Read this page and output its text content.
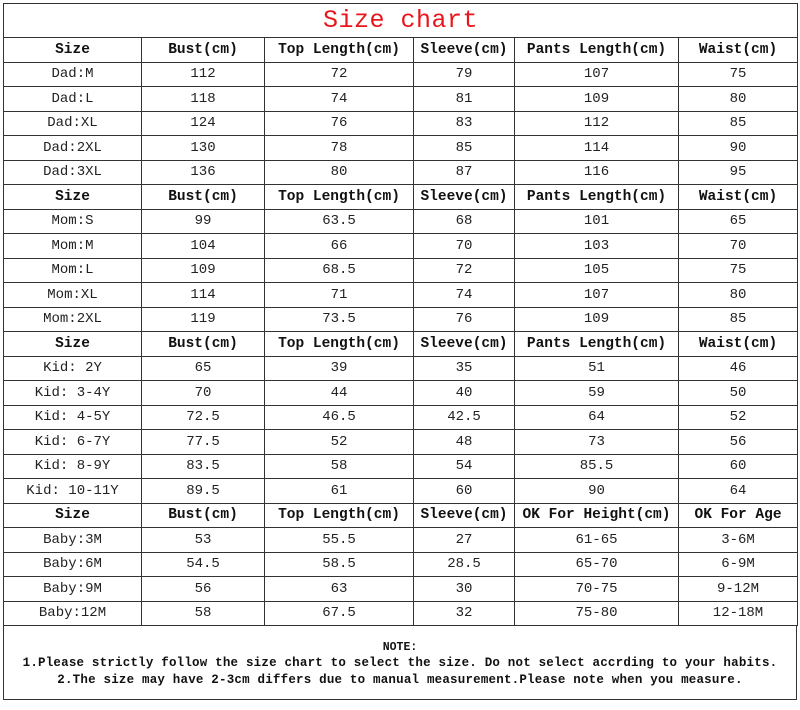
Size chart					
Size	Bust(cm)	Top Length(cm)	Sleeve(cm)	Pants Length(cm)	Waist(cm)
Dad:M	112	72	79	107	75
Dad:L	118	74	81	109	80
Dad:XL	124	76	83	112	85
Dad:2XL	130	78	85	114	90
Dad:3XL	136	80	87	116	95
Size	Bust(cm)	Top Length(cm)	Sleeve(cm)	Pants Length(cm)	Waist(cm)
Mom:S	99	63.5	68	101	65
Mom:M	104	66	70	103	70
Mom:L	109	68.5	72	105	75
Mom:XL	114	71	74	107	80
Mom:2XL	119	73.5	76	109	85
Size	Bust(cm)	Top Length(cm)	Sleeve(cm)	Pants Length(cm)	Waist(cm)
Kid: 2Y	65	39	35	51	46
Kid: 3-4Y	70	44	40	59	50
Kid: 4-5Y	72.5	46.5	42.5	64	52
Kid: 6-7Y	77.5	52	48	73	56
Kid: 8-9Y	83.5	58	54	85.5	60
Kid: 10-11Y	89.5	61	60	90	64
Size	Bust(cm)	Top Length(cm)	Sleeve(cm)	OK For Height(cm)	OK For Age
Baby:3M	53	55.5	27	61-65	3-6M
Baby:6M	54.5	58.5	28.5	65-70	6-9M
Baby:9M	56	63	30	70-75	9-12M
Baby:12M	58	67.5	32	75-80	12-18M
NOTE:
1.Please strictly follow the size chart to select the size. Do not select accrding to your habits.
2.The size may have 2-3cm differs due to manual measurement.Please note when you measure.
